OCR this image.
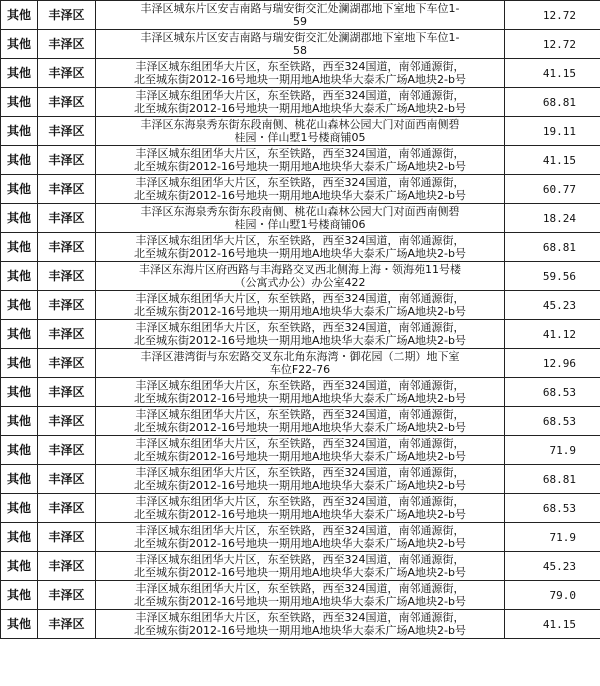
其他	丰泽区	丰泽区城东片区安吉南路与瑞安街交汇处澜湖郡地下室地下车位1-
59	12.72
其他	丰泽区	丰泽区城东片区安吉南路与瑞安街交汇处澜湖郡地下室地下车位1-
58	12.72
其他	丰泽区	丰泽区城东组团华大片区，东至铁路，西至324国道，南邻通源街，
北至城东街2012-16号地块一期用地A地块华大泰禾广场A地块2-b号	41.15
其他	丰泽区	丰泽区城东组团华大片区，东至铁路，西至324国道，南邻通源街，
北至城东街2012-16号地块一期用地A地块华大泰禾广场A地块2-b号	68.81
其他	丰泽区	丰泽区东海泉秀东街东段南侧、桃花山森林公园大门对面西南侧碧
桂园・佯山墅1号楼商铺05	19.11
其他	丰泽区	丰泽区城东组团华大片区，东至铁路，西至324国道，南邻通源街，
北至城东街2012-16号地块一期用地A地块华大泰禾广场A地块2-b号	41.15
其他	丰泽区	丰泽区城东组团华大片区，东至铁路，西至324国道，南邻通源街，
北至城东街2012-16号地块一期用地A地块华大泰禾广场A地块2-b号	60.77
其他	丰泽区	丰泽区东海泉秀东街东段南侧、桃花山森林公园大门对面西南侧碧
桂园・佯山墅1号楼商铺06	18.24
其他	丰泽区	丰泽区城东组团华大片区，东至铁路，西至324国道，南邻通源街，
北至城东街2012-16号地块一期用地A地块华大泰禾广场A地块2-b号	68.81
其他	丰泽区	丰泽区东海片区府西路与丰海路交叉西北侧海上海・领海苑11号楼
（公寓式办公）办公室422	59.56
其他	丰泽区	丰泽区城东组团华大片区，东至铁路，西至324国道，南邻通源街，
北至城东街2012-16号地块一期用地A地块华大泰禾广场A地块2-b号	45.23
其他	丰泽区	丰泽区城东组团华大片区，东至铁路，西至324国道，南邻通源街，
北至城东街2012-16号地块一期用地A地块华大泰禾广场A地块2-b号	41.12
其他	丰泽区	丰泽区港湾街与东宏路交叉东北角东海湾・御花园（二期）地下室
车位F22-76	12.96
其他	丰泽区	丰泽区城东组团华大片区，东至铁路，西至324国道，南邻通源街，
北至城东街2012-16号地块一期用地A地块华大泰禾广场A地块2-b号	68.53
其他	丰泽区	丰泽区城东组团华大片区，东至铁路，西至324国道，南邻通源街，
北至城东街2012-16号地块一期用地A地块华大泰禾广场A地块2-b号	68.53
其他	丰泽区	丰泽区城东组团华大片区，东至铁路，西至324国道，南邻通源街，
北至城东街2012-16号地块一期用地A地块华大泰禾广场A地块2-b号	71.9
其他	丰泽区	丰泽区城东组团华大片区，东至铁路，西至324国道，南邻通源街，
北至城东街2012-16号地块一期用地A地块华大泰禾广场A地块2-b号	68.81
其他	丰泽区	丰泽区城东组团华大片区，东至铁路，西至324国道，南邻通源街，
北至城东街2012-16号地块一期用地A地块华大泰禾广场A地块2-b号	68.53
其他	丰泽区	丰泽区城东组团华大片区，东至铁路，西至324国道，南邻通源街，
北至城东街2012-16号地块一期用地A地块华大泰禾广场A地块2-b号	71.9
其他	丰泽区	丰泽区城东组团华大片区，东至铁路，西至324国道，南邻通源街，
北至城东街2012-16号地块一期用地A地块华大泰禾广场A地块2-b号	45.23
其他	丰泽区	丰泽区城东组团华大片区，东至铁路，西至324国道，南邻通源街，
北至城东街2012-16号地块一期用地A地块华大泰禾广场A地块2-b号	79.0
其他	丰泽区	丰泽区城东组团华大片区，东至铁路，西至324国道，南邻通源街，
北至城东街2012-16号地块一期用地A地块华大泰禾广场A地块2-b号	41.15
